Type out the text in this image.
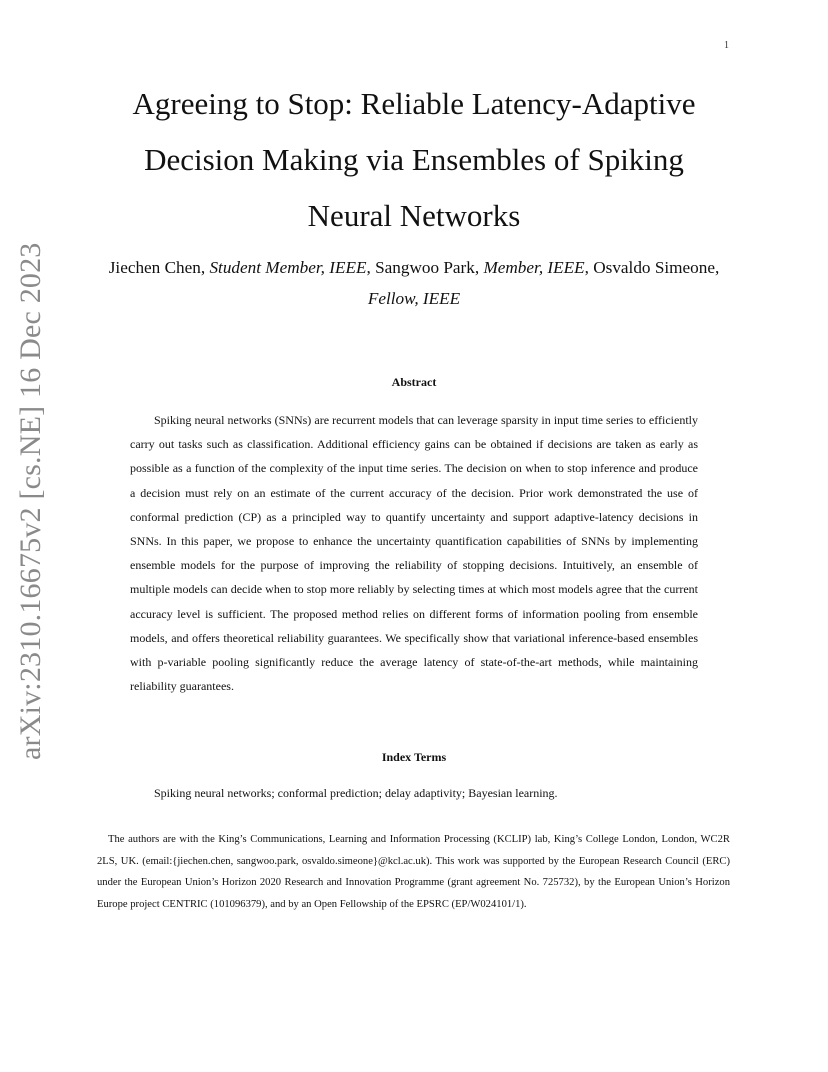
1
arXiv:2310.16675v2 [cs.NE] 16 Dec 2023
Agreeing to Stop: Reliable Latency-Adaptive
Decision Making via Ensembles of Spiking
Neural Networks
Jiechen Chen, Student Member, IEEE, Sangwoo Park, Member, IEEE, Osvaldo Simeone, Fellow, IEEE
Abstract

Spiking neural networks (SNNs) are recurrent models that can leverage sparsity in input time series to efficiently carry out tasks such as classification. Additional efficiency gains can be obtained if decisions are taken as early as possible as a function of the complexity of the input time series. The decision on when to stop inference and produce a decision must rely on an estimate of the current accuracy of the decision. Prior work demonstrated the use of conformal prediction (CP) as a principled way to quantify uncertainty and support adaptive-latency decisions in SNNs. In this paper, we propose to enhance the uncertainty quantification capabilities of SNNs by implementing ensemble models for the purpose of improving the reliability of stopping decisions. Intuitively, an ensemble of multiple models can decide when to stop more reliably by selecting times at which most models agree that the current accuracy level is sufficient. The proposed method relies on different forms of information pooling from ensemble models, and offers theoretical reliability guarantees. We specifically show that variational inference-based ensembles with p-variable pooling significantly reduce the average latency of state-of-the-art methods, while maintaining reliability guarantees.

Index Terms

Spiking neural networks; conformal prediction; delay adaptivity; Bayesian learning.

The authors are with the King’s Communications, Learning and Information Processing (KCLIP) lab, King’s College London, London, WC2R 2LS, UK. (email:{jiechen.chen, sangwoo.park, osvaldo.simeone}@kcl.ac.uk). This work was supported by the European Research Council (ERC) under the European Union’s Horizon 2020 Research and Innovation Programme (grant agreement No. 725732), by the European Union’s Horizon Europe project CENTRIC (101096379), and by an Open Fellowship of the EPSRC (EP/W024101/1).
